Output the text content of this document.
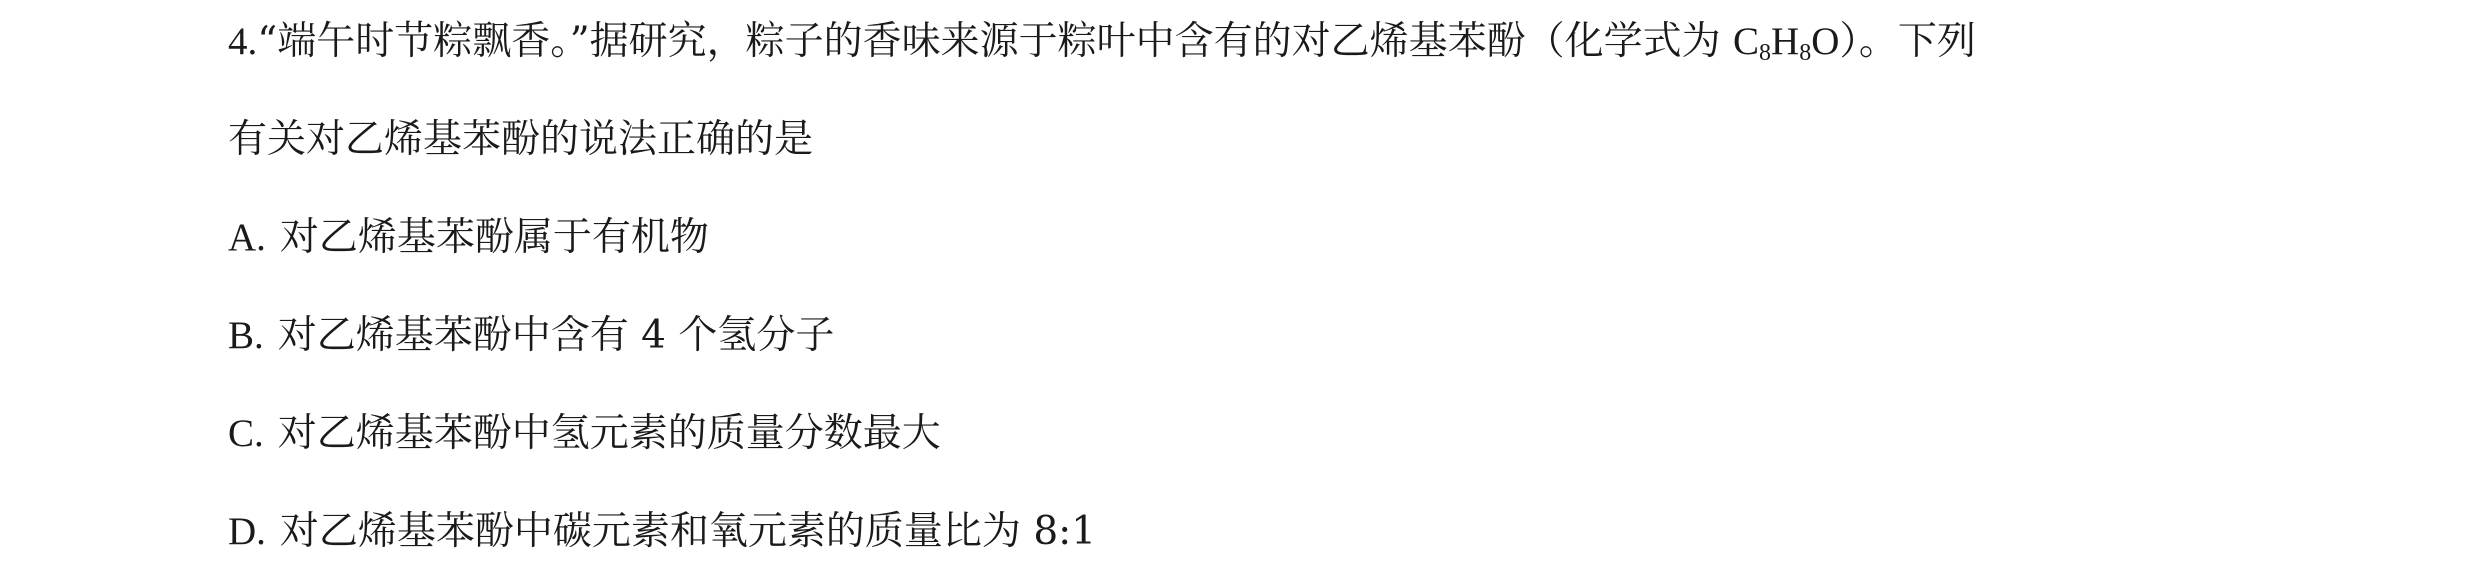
4.“端午时节粽飘香。”据研究，粽子的香味来源于粽叶中含有的对乙烯基苯酚（化学式为 $C_8H_8O$）。下列
有关对乙烯基苯酚的说法正确的是
A. 对乙烯基苯酚属于有机物
B. 对乙烯基苯酚中含有 4 个氢分子
C. 对乙烯基苯酚中氢元素的质量分数最大
D. 对乙烯基苯酚中碳元素和氧元素的质量比为 8:1
